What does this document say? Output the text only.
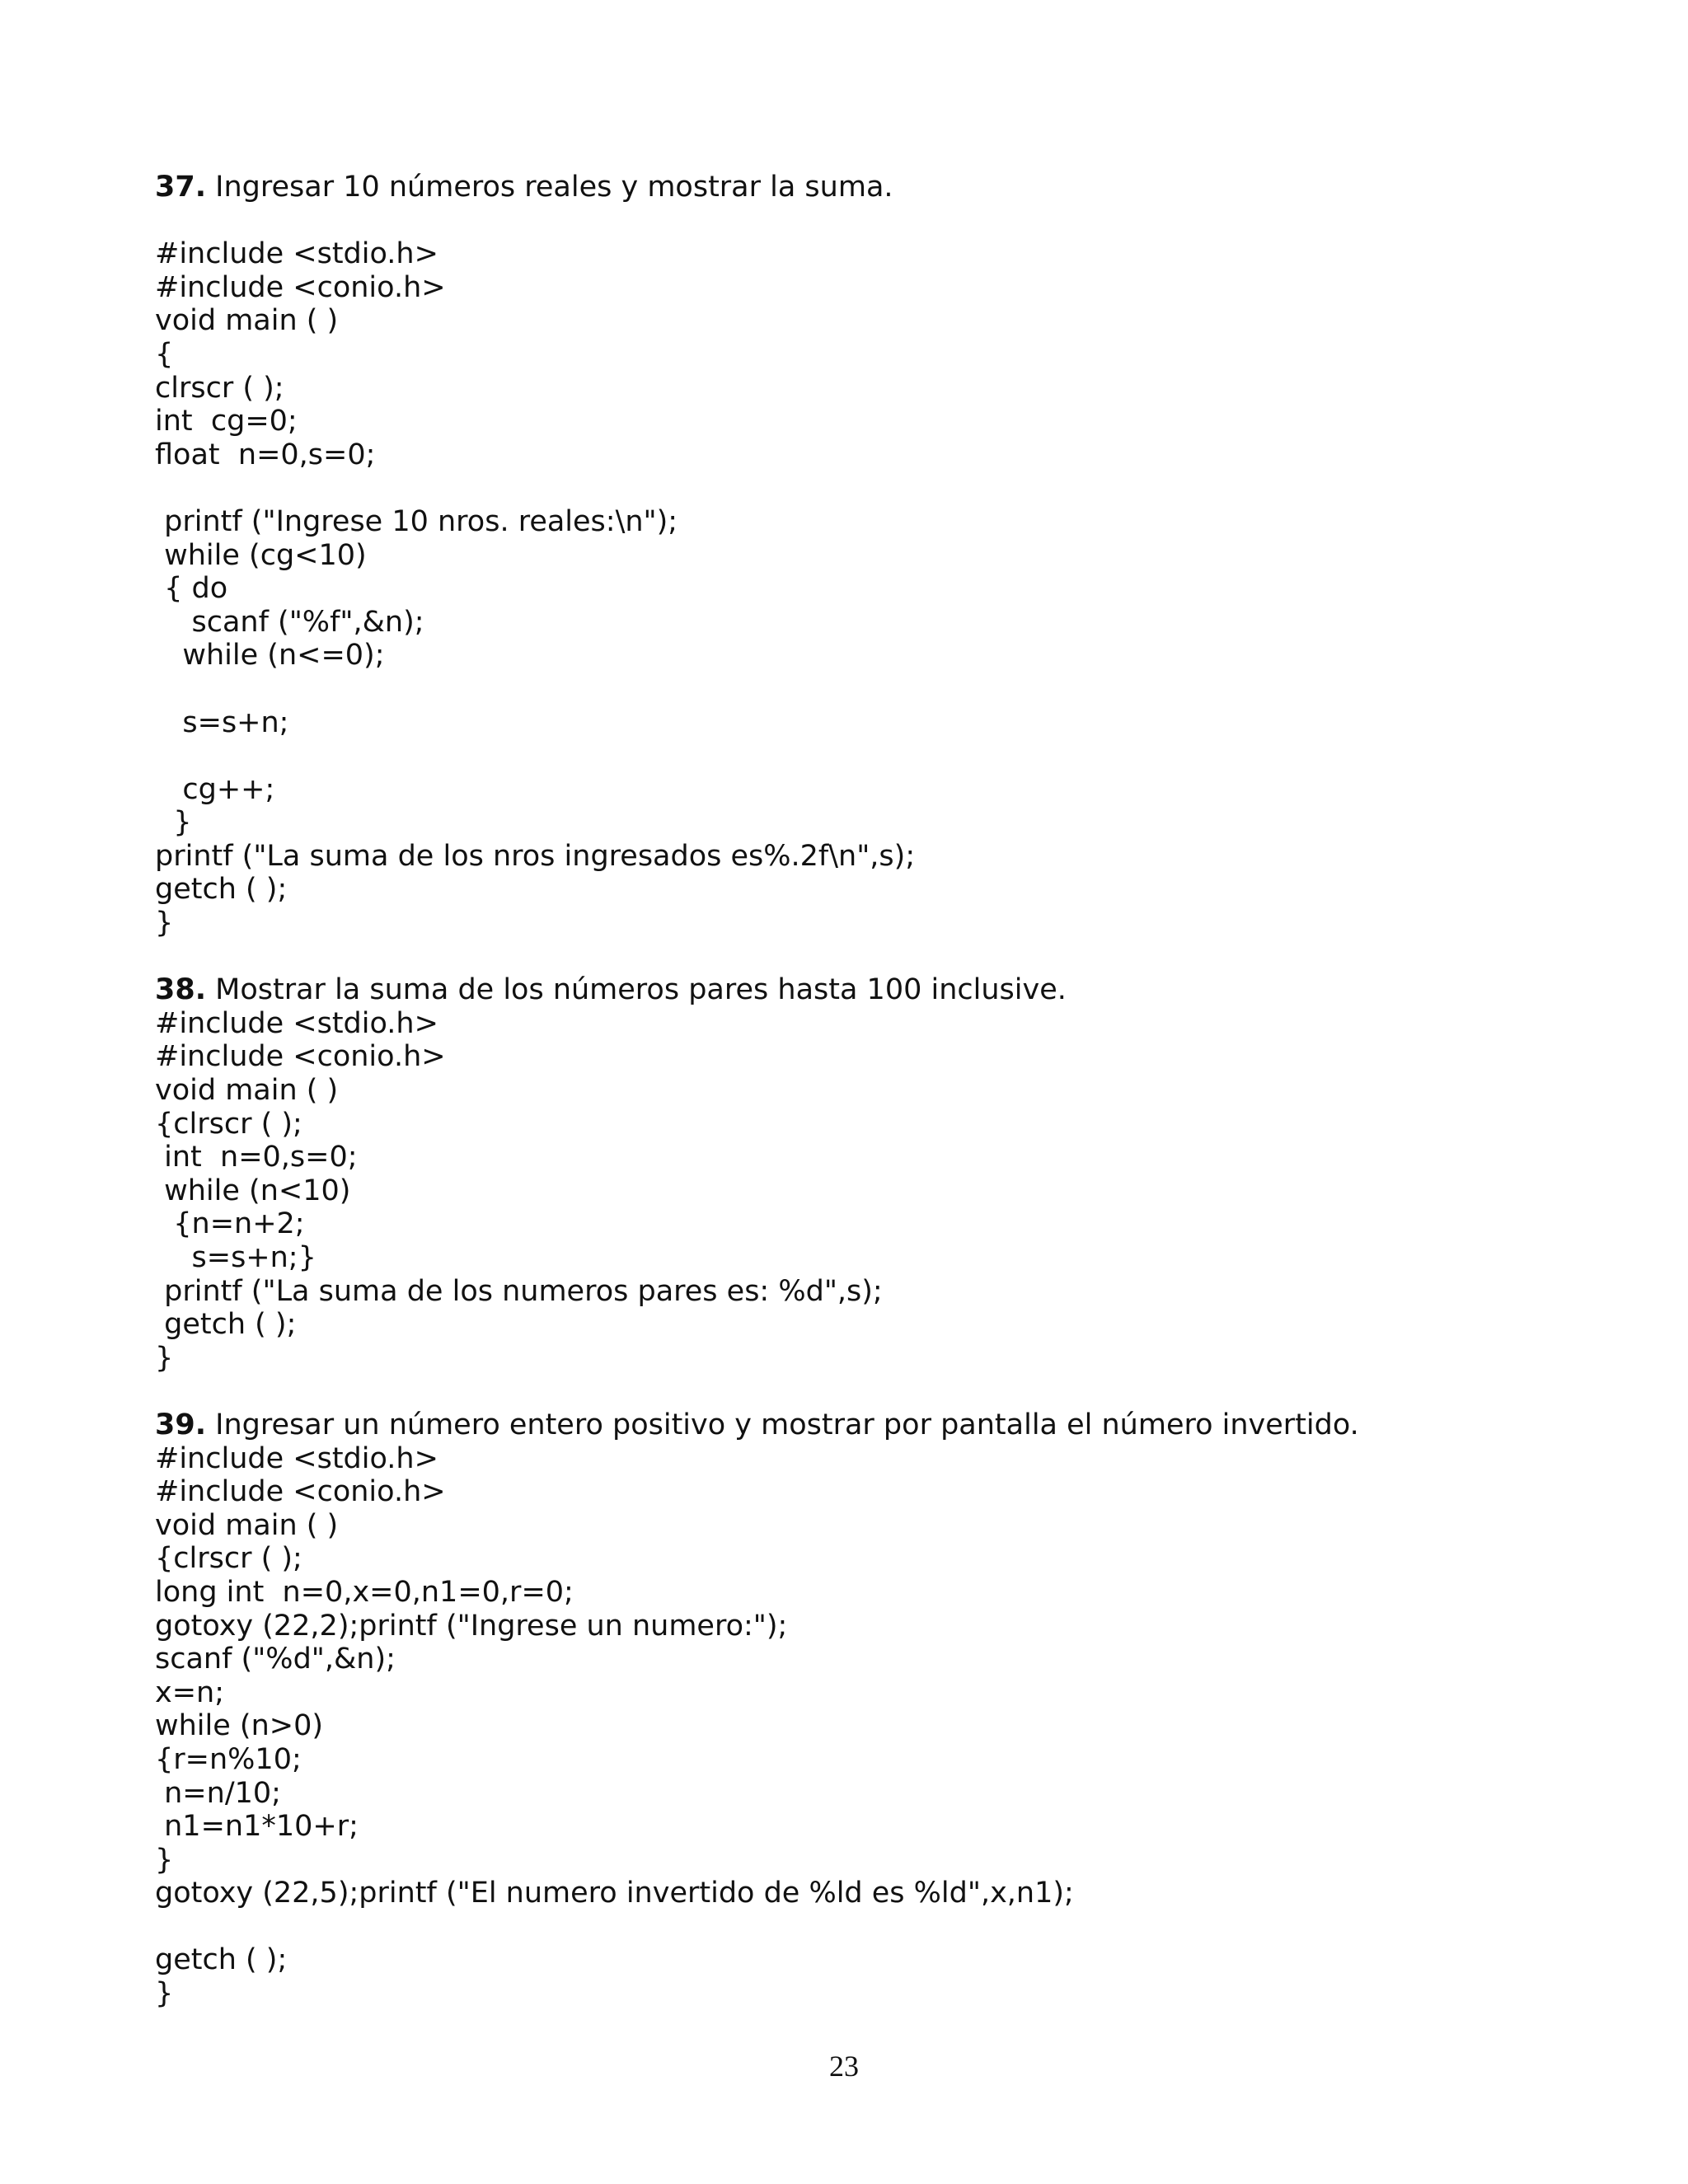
37. Ingresar 10 números reales y mostrar la suma.
#include <stdio.h>
#include <conio.h>
void main ( )
{
clrscr ( );
int  cg=0;
float  n=0,s=0;
printf ("Ingrese 10 nros. reales:\n");
while (cg<10)
{ do
scanf ("%f",&n);
while (n<=0);
s=s+n;
cg++;
}
printf ("La suma de los nros ingresados es%.2f\n",s);
getch ( );
}
38. Mostrar la suma de los números pares hasta 100 inclusive.
#include <stdio.h>
#include <conio.h>
void main ( )
{clrscr ( );
int  n=0,s=0;
while (n<10)
{n=n+2;
s=s+n;}
printf ("La suma de los numeros pares es: %d",s);
getch ( );
}
39. Ingresar un número entero positivo y mostrar por pantalla el número invertido.
#include <stdio.h>
#include <conio.h>
void main ( )
{clrscr ( );
long int  n=0,x=0,n1=0,r=0;
gotoxy (22,2);printf ("Ingrese un numero:");
scanf ("%d",&n);
x=n;
while (n>0)
{r=n%10;
n=n/10;
n1=n1*10+r;
}
gotoxy (22,5);printf ("El numero invertido de %ld es %ld",x,n1);
getch ( );
}
23
